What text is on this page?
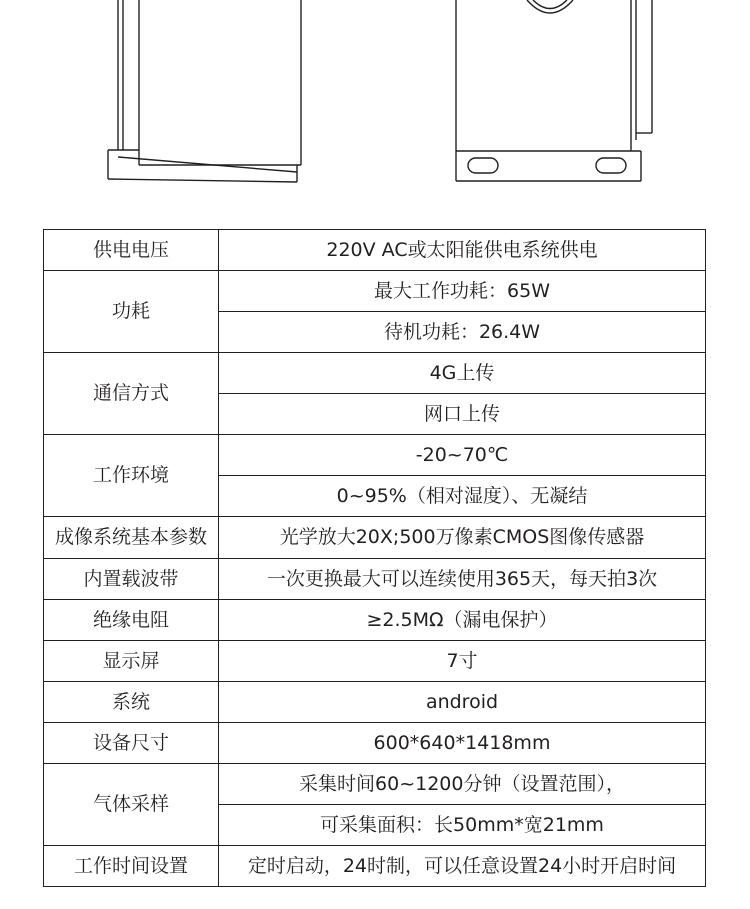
供电电压	220V AC或太阳能供电系统供电
功耗	最大工作功耗：65W
	待机功耗：26.4W
通信方式	4G上传
	网口上传
工作环境	-20~70℃
	0~95%（相对湿度）、无凝结
成像系统基本参数	光学放大20X;500万像素CMOS图像传感器
内置载波带	一次更换最大可以连续使用365天，每天拍3次
绝缘电阻	≥2.5MΩ（漏电保护）
显示屏	7寸
系统	android
设备尺寸	600*640*1418mm
气体采样	采集时间60~1200分钟（设置范围），
	可采集面积：长50mm*宽21mm
工作时间设置	定时启动，24时制，可以任意设置24小时开启时间
